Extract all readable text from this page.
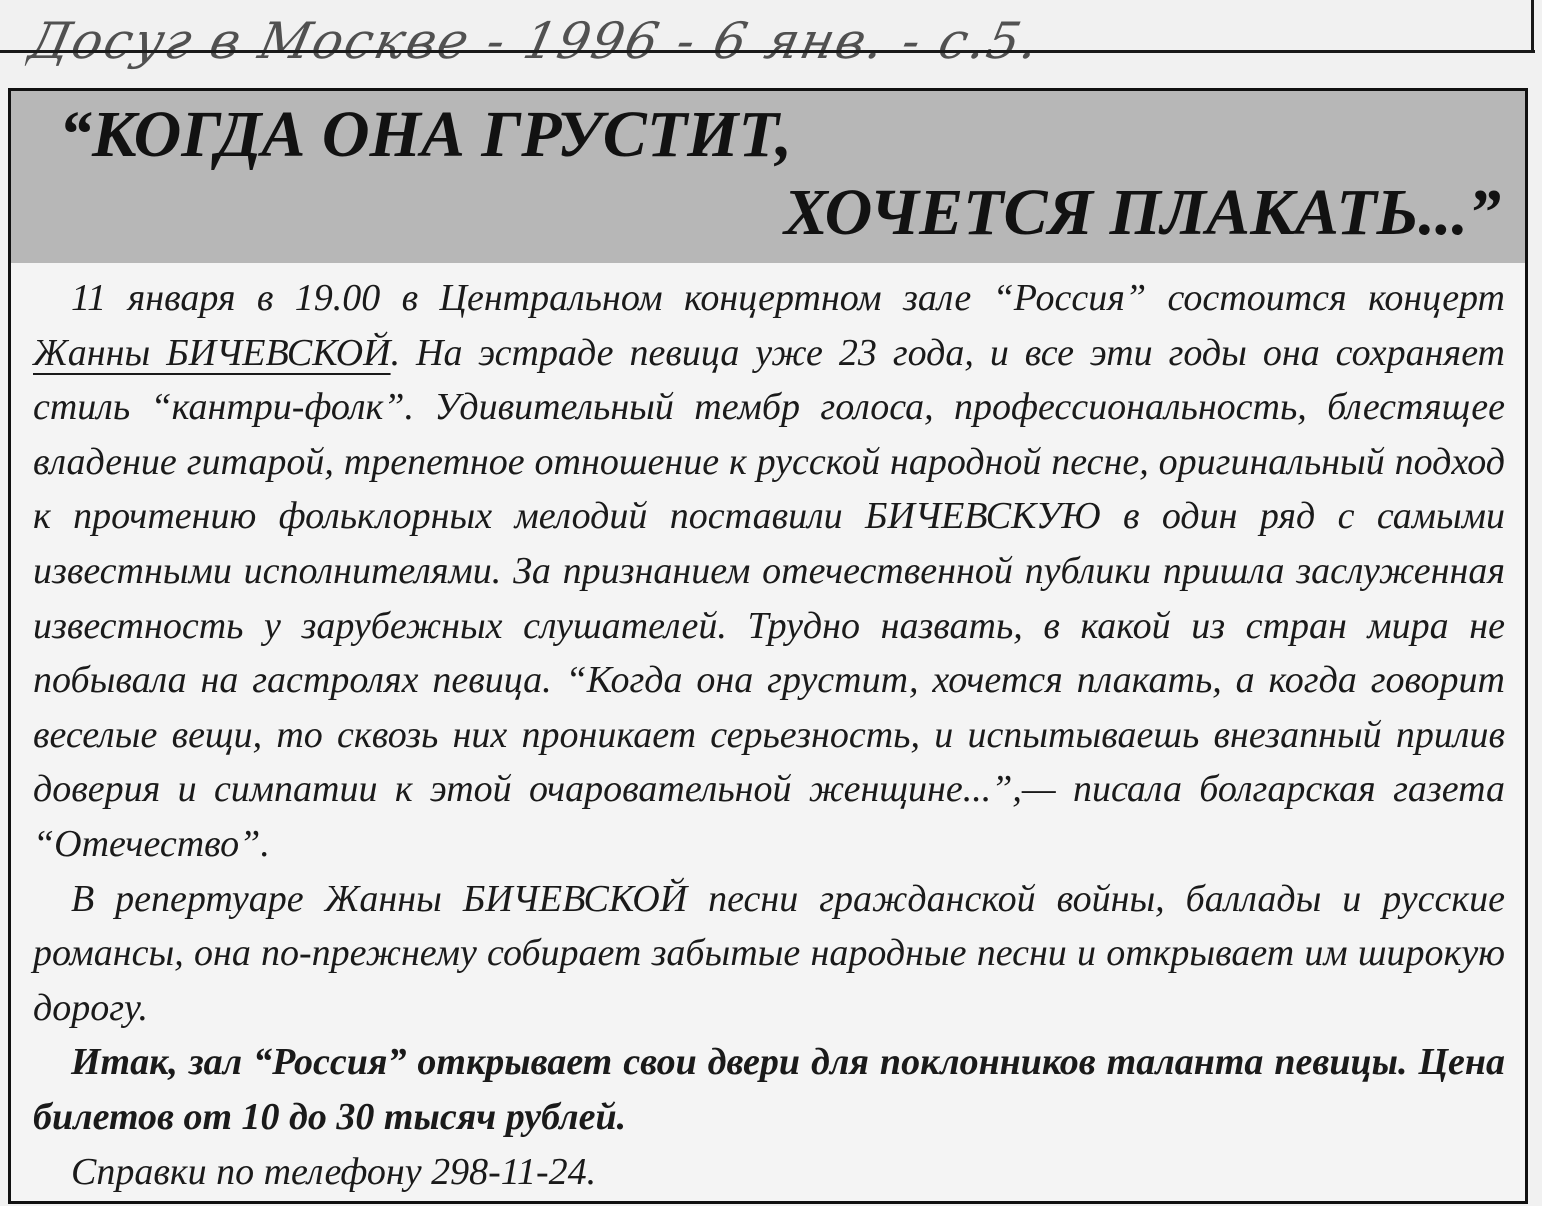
Досуг в Москве - 1996 - 6 янв. - с.5.
“КОГДА ОНА ГРУСТИТ,
ХОЧЕТСЯ ПЛАКАТЬ...”

11 января в 19.00 в Центральном концертном зале “Россия” состоится концерт Жанны БИЧЕВСКОЙ. На эстраде певица уже 23 года, и все эти годы она сохраняет стиль “кантри-фолк”. Удивительный тембр голоса, профессиональность, блестящее владение гитарой, трепетное отношение к русской народной песне, оригинальный подход к прочтению фольклорных мелодий поставили БИЧЕВСКУЮ в один ряд с самыми известными исполнителями. За признанием отечественной публики пришла заслуженная известность у зарубежных слушателей. Трудно назвать, в какой из стран мира не побывала на гастролях певица. “Когда она грустит, хочется плакать, а когда говорит веселые вещи, то сквозь них проникает серьезность, и испытываешь внезапный прилив доверия и симпатии к этой очаровательной женщине...”,— писала болгарская газета “Отечество”.

В репертуаре Жанны БИЧЕВСКОЙ песни гражданской войны, баллады и русские романсы, она по-прежнему собирает забытые народные песни и открывает им широкую дорогу.

Итак, зал “Россия” открывает свои двери для поклонников таланта певицы. Цена билетов от 10 до 30 тысяч рублей.

Справки по телефону 298-11-24.
